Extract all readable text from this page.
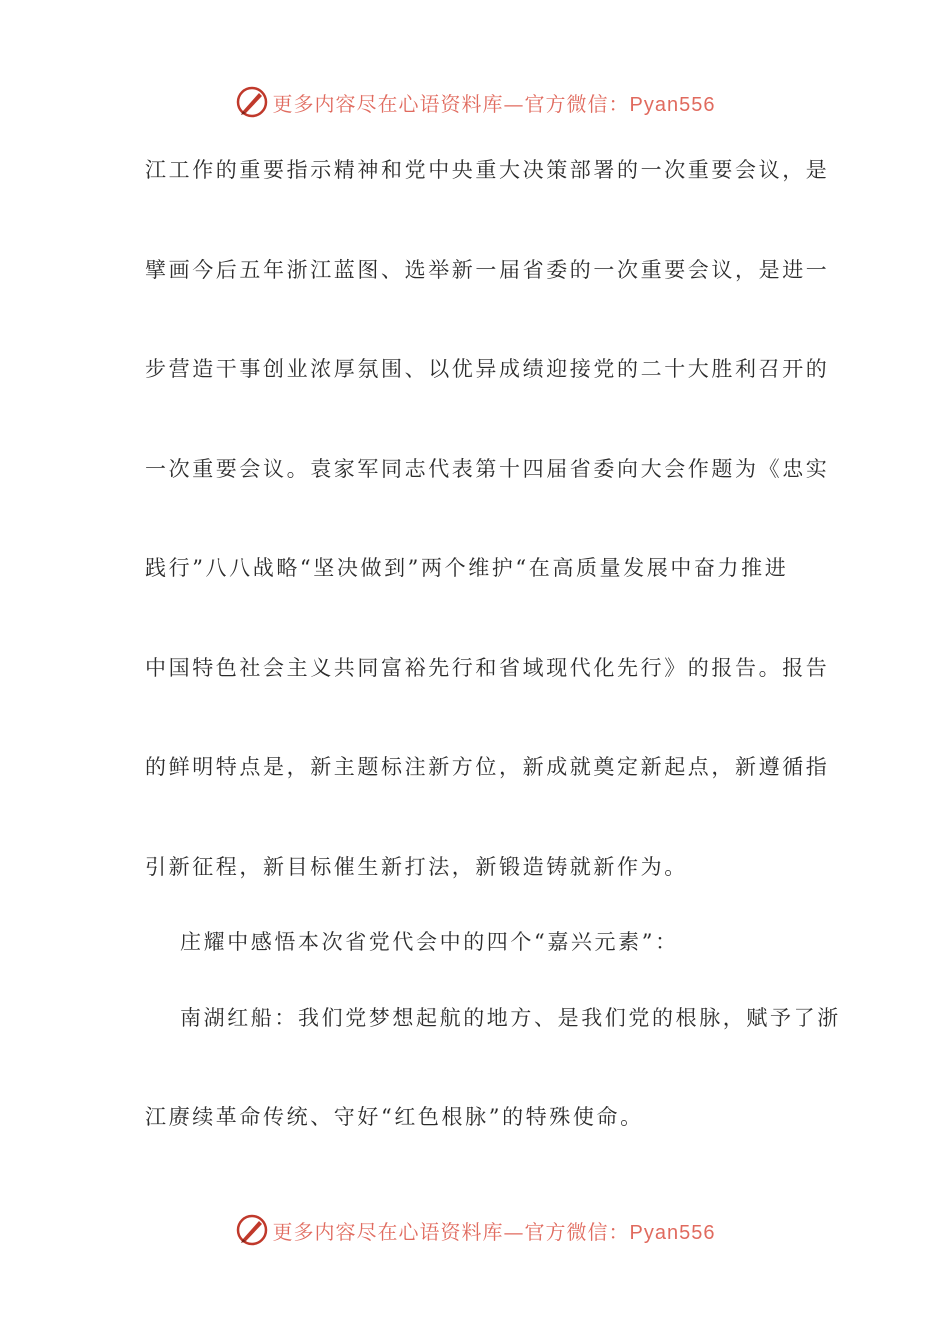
更多内容尽在心语资料库—官方微信：Pyan556
江工作的重要指示精神和党中央重大决策部署的一次重要会议，是
擘画今后五年浙江蓝图、选举新一届省委的一次重要会议，是进一
步营造干事创业浓厚氛围、以优异成绩迎接党的二十大胜利召开的
一次重要会议。袁家军同志代表第十四届省委向大会作题为《忠实
践行”八八战略“坚决做到”两个维护“在高质量发展中奋力推进
中国特色社会主义共同富裕先行和省域现代化先行》的报告。报告
的鲜明特点是，新主题标注新方位，新成就奠定新起点，新遵循指
引新征程，新目标催生新打法，新锻造铸就新作为。
庄耀中感悟本次省党代会中的四个“嘉兴元素”：
南湖红船：我们党梦想起航的地方、是我们党的根脉，赋予了浙
江赓续革命传统、守好“红色根脉”的特殊使命。
更多内容尽在心语资料库—官方微信：Pyan556
